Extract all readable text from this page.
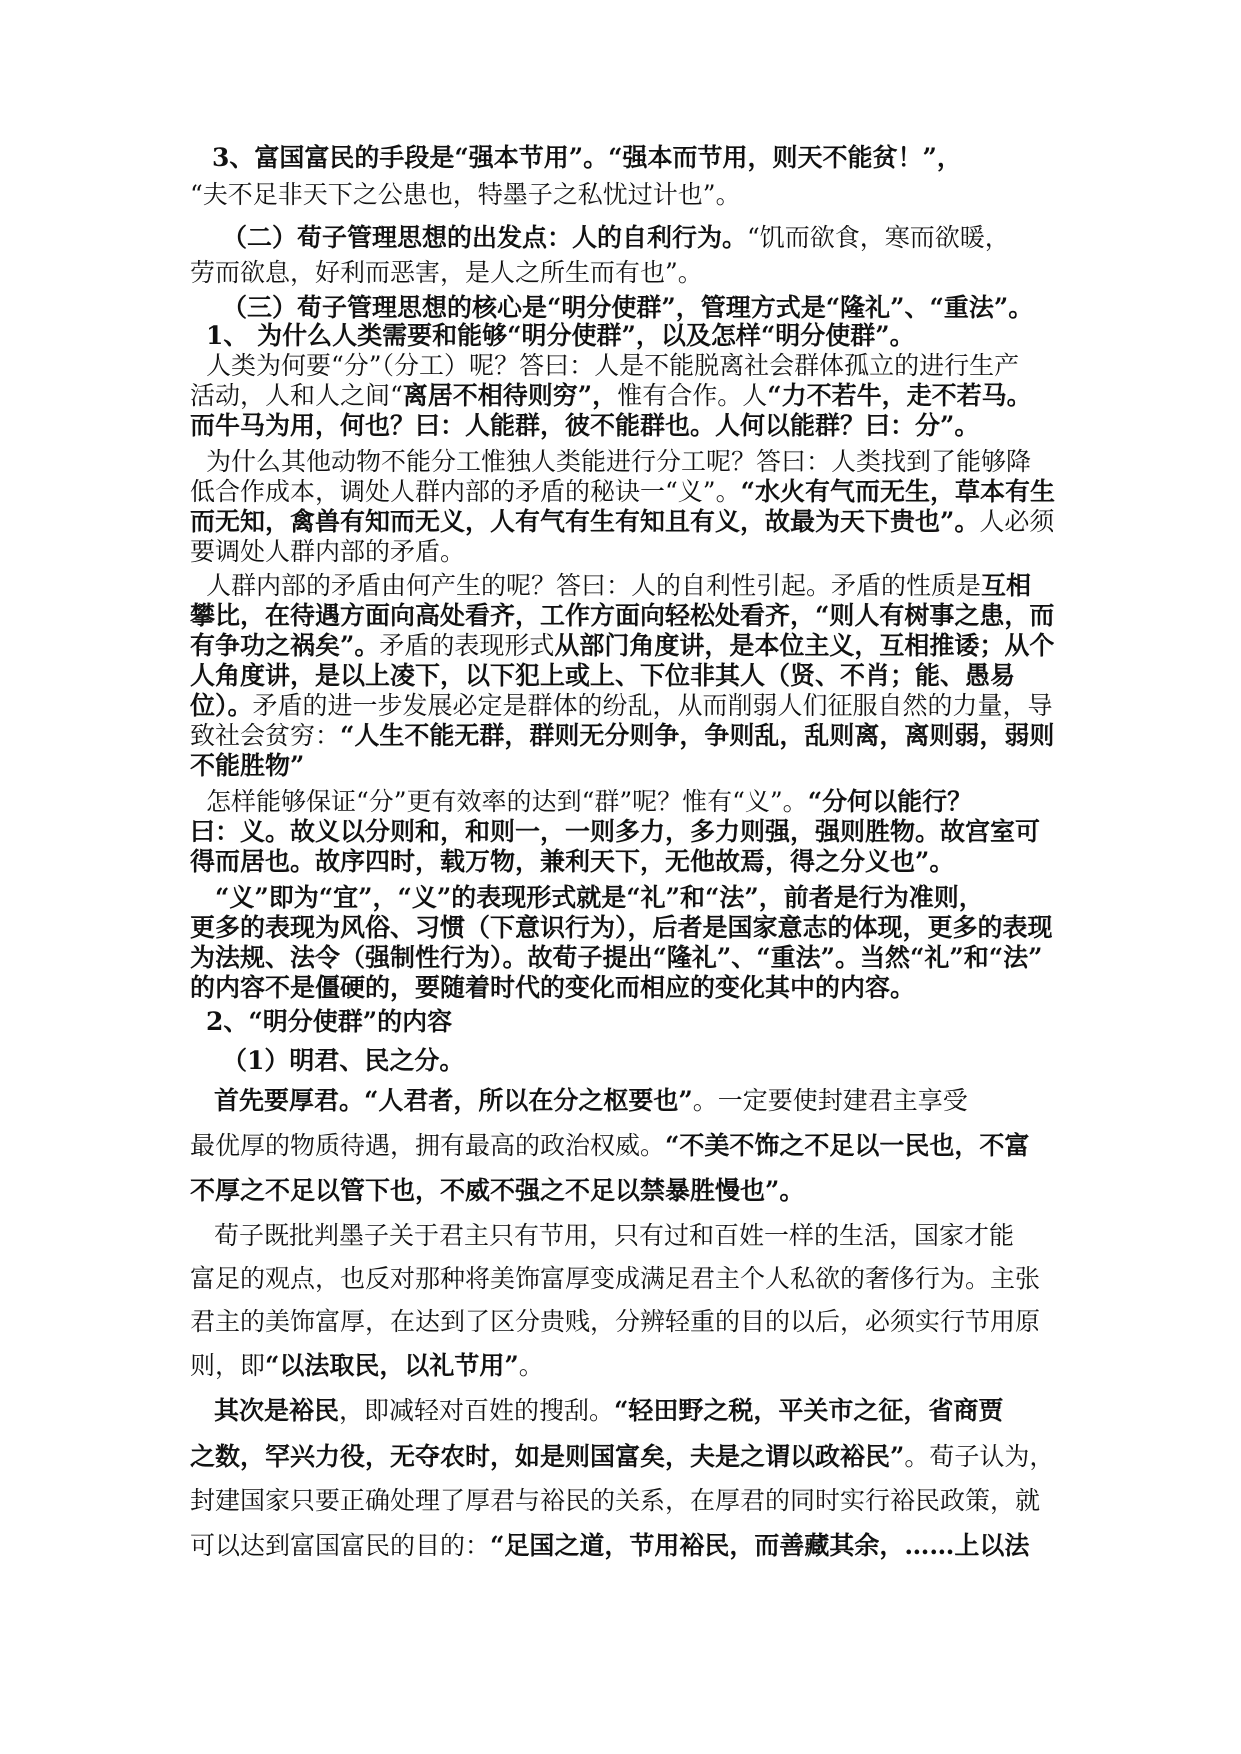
3、富国富民的手段是“强本节用”。“强本而节用，则天不能贫！”，
“夫不足非天下之公患也，特墨子之私忧过计也”。
（二）荀子管理思想的出发点：人的自利行为。“饥而欲食，寒而欲暖，
劳而欲息，好利而恶害，是人之所生而有也”。
（三）荀子管理思想的核心是“明分使群”，管理方式是“隆礼”、“重法”。
1、 为什么人类需要和能够“明分使群”，以及怎样“明分使群”。
人类为何要“分”（分工）呢？答曰：人是不能脱离社会群体孤立的进行生产
活动，人和人之间“离居不相待则穷”，惟有合作。人“力不若牛，走不若马。
而牛马为用，何也？曰：人能群，彼不能群也。人何以能群？曰：分”。
为什么其他动物不能分工惟独人类能进行分工呢？答曰：人类找到了能够降
低合作成本，调处人群内部的矛盾的秘诀一“义”。“水火有气而无生，草本有生
而无知，禽兽有知而无义，人有气有生有知且有义，故最为天下贵也”。人必须
要调处人群内部的矛盾。
人群内部的矛盾由何产生的呢？答曰：人的自利性引起。矛盾的性质是互相
攀比，在待遇方面向高处看齐，工作方面向轻松处看齐，“则人有树事之患，而
有争功之祸矣”。矛盾的表现形式从部门角度讲，是本位主义，互相推诿；从个
人角度讲，是以上凌下，以下犯上或上、下位非其人（贤、不肖；能、愚易
位）。矛盾的进一步发展必定是群体的纷乱，从而削弱人们征服自然的力量，导
致社会贫穷：“人生不能无群，群则无分则争，争则乱，乱则离，离则弱，弱则
不能胜物”
怎样能够保证“分”更有效率的达到“群”呢？惟有“义”。“分何以能行？
曰：义。故义以分则和，和则一，一则多力，多力则强，强则胜物。故宫室可
得而居也。故序四时，载万物，兼利天下，无他故焉，得之分义也”。
“义”即为“宜”，“义”的表现形式就是“礼”和“法”，前者是行为准则，
更多的表现为风俗、习惯（下意识行为），后者是国家意志的体现，更多的表现
为法规、法令（强制性行为）。故荀子提出“隆礼”、“重法”。当然“礼”和“法”
的内容不是僵硬的，要随着时代的变化而相应的变化其中的内容。
2、“明分使群”的内容
（1）明君、民之分。
首先要厚君。“人君者，所以在分之枢要也”。一定要使封建君主享受
最优厚的物质待遇，拥有最高的政治权威。“不美不饰之不足以一民也，不富
不厚之不足以管下也，不威不强之不足以禁暴胜慢也”。
荀子既批判墨子关于君主只有节用，只有过和百姓一样的生活，国家才能
富足的观点，也反对那种将美饰富厚变成满足君主个人私欲的奢侈行为。主张
君主的美饰富厚，在达到了区分贵贱，分辨轻重的目的以后，必须实行节用原
则，即“以法取民，以礼节用”。
其次是裕民，即减轻对百姓的搜刮。“轻田野之税，平关市之征，省商贾
之数，罕兴力役，无夺农时，如是则国富矣，夫是之谓以政裕民”。荀子认为，
封建国家只要正确处理了厚君与裕民的关系，在厚君的同时实行裕民政策，就
可以达到富国富民的目的：“足国之道，节用裕民，而善藏其余，……上以法
